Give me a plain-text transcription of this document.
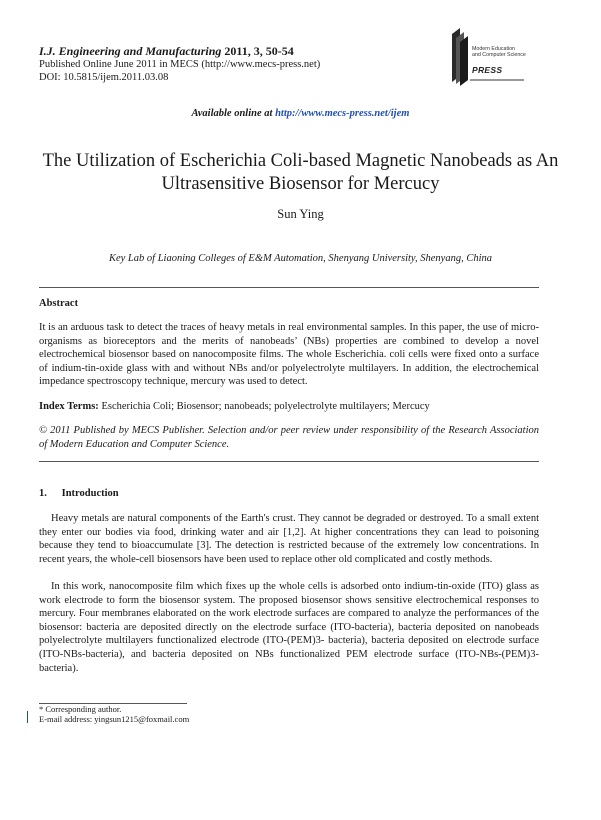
I.J. Engineering and Manufacturing 2011, 3, 50-54
Published Online June 2011 in MECS (http://www.mecs-press.net)
DOI: 10.5815/ijem.2011.03.08
Modern Education
and Computer Science
PRESS
Available online at http://www.mecs-press.net/ijem
The Utilization of Escherichia Coli-based Magnetic Nanobeads as An
Ultrasensitive Biosensor for Mercucy
Sun Ying
Key Lab of Liaoning Colleges of E&M Automation, Shenyang University, Shenyang, China
Abstract
It is an arduous task to detect the traces of heavy metals in real environmental samples. In this paper, the use of micro-organisms as bioreceptors and the merits of nanobeads’ (NBs) properties are combined to develop a novel electrochemical biosensor based on nanocomposite films. The whole Escherichia. coli cells were fixed onto a surface of indium-tin-oxide glass with and without NBs and/or polyelectrolyte multilayers. In addition, the electrochemical impedance spectroscopy technique, mercury was used to detect.
Index Terms: Escherichia Coli; Biosensor; nanobeads; polyelectrolyte multilayers; Mercucy
© 2011 Published by MECS Publisher. Selection and/or peer review under responsibility of the Research Association of Modern Education and Computer Science.
1. Introduction
Heavy metals are natural components of the Earth's crust. They cannot be degraded or destroyed. To a small extent they enter our bodies via food, drinking water and air [1,2]. At higher concentrations they can lead to poisoning because they tend to bioaccumulate [3]. The detection is restricted because of the extremely low concentrations. In recent years, the whole-cell biosensors have been used to replace other old complicated and costly methods.
In this work, nanocomposite film which fixes up the whole cells is adsorbed onto indium-tin-oxide (ITO) glass as work electrode to form the biosensor system. The proposed biosensor shows sensitive electrochemical responses to mercury. Four membranes elaborated on the work electrode surfaces are compared to analyze the performances of the biosensor: bacteria are deposited directly on the electrode surface (ITO-bacteria), bacteria deposited on nanobeads polyelectrolyte multilayers functionalized electrode (ITO-(PEM)3- bacteria), bacteria deposited on electrode surface (ITO-NBs-bacteria), and bacteria deposited on NBs functionalized PEM electrode surface (ITO-NBs-(PEM)3- bacteria).
* Corresponding author.
E-mail address: yingsun1215@foxmail.com
